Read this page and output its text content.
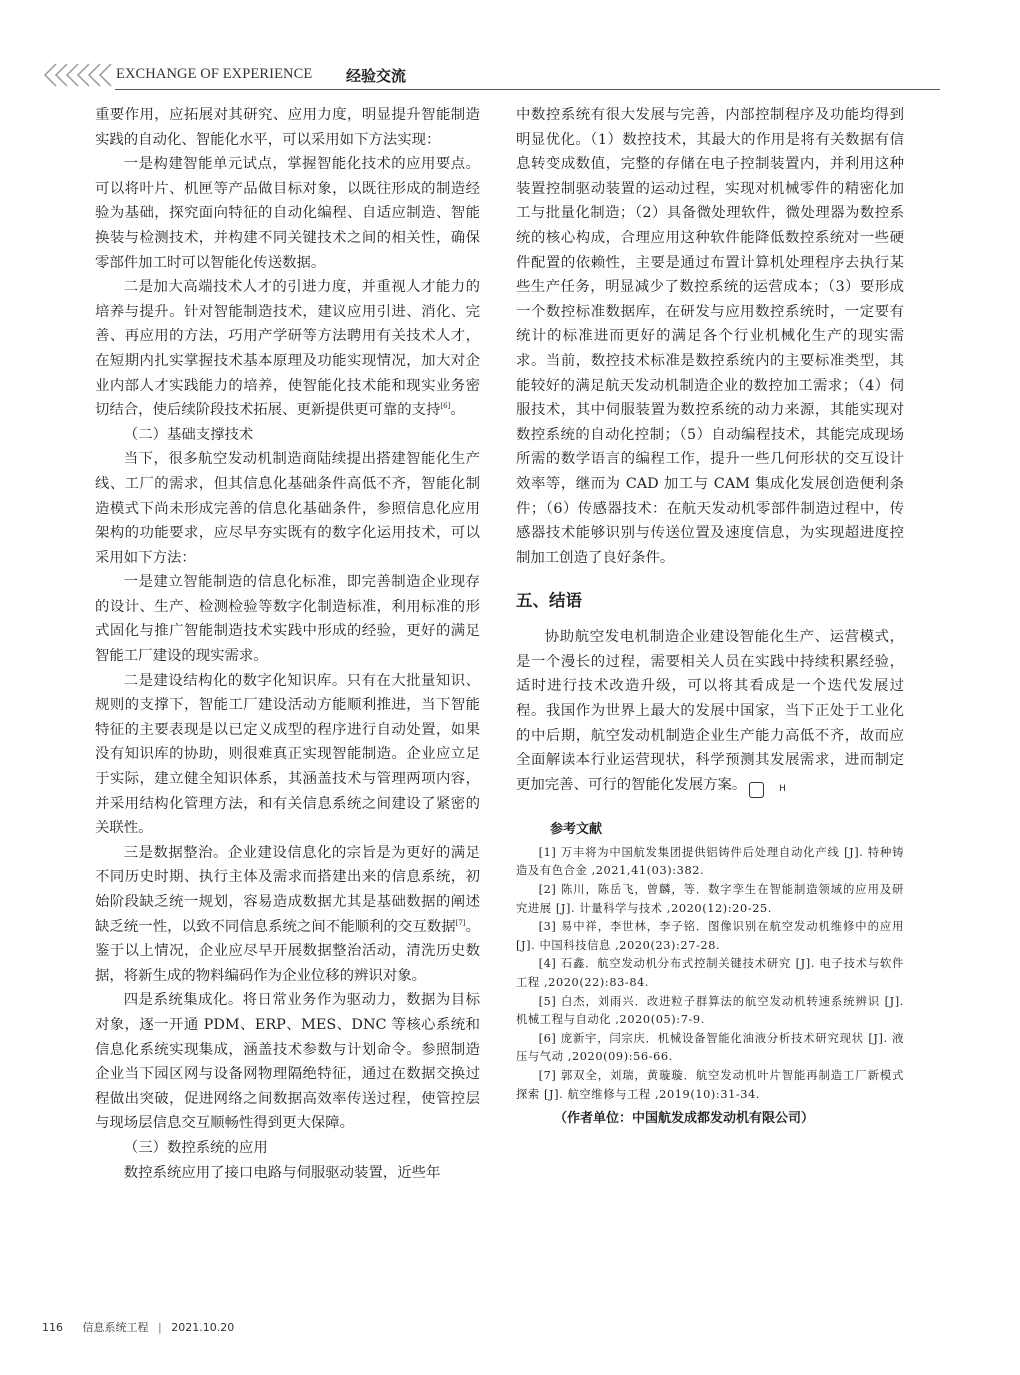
EXCHANGE OF EXPERIENCE 经验交流

重要作用，应拓展对其研究、应用力度，明显提升智能制造实践的自动化、智能化水平，可以采用如下方法实现：

一是构建智能单元试点，掌握智能化技术的应用要点。可以将叶片、机匣等产品做目标对象，以既往形成的制造经验为基础，探究面向特征的自动化编程、自适应制造、智能换装与检测技术，并构建不同关键技术之间的相关性，确保零部件加工时可以智能化传送数据。

二是加大高端技术人才的引进力度，并重视人才能力的培养与提升。针对智能制造技术，建议应用引进、消化、完善、再应用的方法，巧用产学研等方法聘用有关技术人才，在短期内扎实掌握技术基本原理及功能实现情况，加大对企业内部人才实践能力的培养，使智能化技术能和现实业务密切结合，使后续阶段技术拓展、更新提供更可靠的支持[6]。

（二）基础支撑技术

当下，很多航空发动机制造商陆续提出搭建智能化生产线、工厂的需求，但其信息化基础条件高低不齐，智能化制造模式下尚未形成完善的信息化基础条件，参照信息化应用架构的功能要求，应尽早夯实既有的数字化运用技术，可以采用如下方法：

一是建立智能制造的信息化标准，即完善制造企业现存的设计、生产、检测检验等数字化制造标准，利用标准的形式固化与推广智能制造技术实践中形成的经验，更好的满足智能工厂建设的现实需求。

二是建设结构化的数字化知识库。只有在大批量知识、规则的支撑下，智能工厂建设活动方能顺利推进，当下智能特征的主要表现是以已定义成型的程序进行自动处置，如果没有知识库的协助，则很难真正实现智能制造。企业应立足于实际，建立健全知识体系，其涵盖技术与管理两项内容，并采用结构化管理方法，和有关信息系统之间建设了紧密的关联性。

三是数据整治。企业建设信息化的宗旨是为更好的满足不同历史时期、执行主体及需求而搭建出来的信息系统，初始阶段缺乏统一规划，容易造成数据尤其是基础数据的阐述缺乏统一性，以致不同信息系统之间不能顺利的交互数据[7]。鉴于以上情况，企业应尽早开展数据整治活动，清洗历史数据，将新生成的物料编码作为企业位移的辨识对象。

四是系统集成化。将日常业务作为驱动力，数据为目标对象，逐一开通 PDM、ERP、MES、DNC 等核心系统和信息化系统实现集成，涵盖技术参数与计划命令。参照制造企业当下园区网与设备网物理隔绝特征，通过在数据交换过程做出突破，促进网络之间数据高效率传送过程，使管控层与现场层信息交互顺畅性得到更大保障。

（三）数控系统的应用

数控系统应用了接口电路与伺服驱动装置，近些年

中数控系统有很大发展与完善，内部控制程序及功能均得到明显优化。（1）数控技术，其最大的作用是将有关数据有信息转变成数值，完整的存储在电子控制装置内，并利用这种装置控制驱动装置的运动过程，实现对机械零件的精密化加工与批量化制造；（2）具备微处理软件，微处理器为数控系统的核心构成，合理应用这种软件能降低数控系统对一些硬件配置的依赖性，主要是通过布置计算机处理程序去执行某些生产任务，明显减少了数控系统的运营成本；（3）要形成一个数控标准数据库，在研发与应用数控系统时，一定要有统计的标准进而更好的满足各个行业机械化生产的现实需求。当前，数控技术标准是数控系统内的主要标准类型，其能较好的满足航天发动机制造企业的数控加工需求；（4）伺服技术，其中伺服装置为数控系统的动力来源，其能实现对数控系统的自动化控制；（5）自动编程技术，其能完成现场所需的数学语言的编程工作，提升一些几何形状的交互设计效率等，继而为 CAD 加工与 CAM 集成化发展创造便利条件；（6）传感器技术：在航天发动机零部件制造过程中，传感器技术能够识别与传送位置及速度信息，为实现超进度控制加工创造了良好条件。

五、结语

协助航空发电机制造企业建设智能化生产、运营模式，是一个漫长的过程，需要相关人员在实践中持续积累经验，适时进行技术改造升级，可以将其看成是一个迭代发展过程。我国作为世界上最大的发展中国家，当下正处于工业化的中后期，航空发动机制造企业生产能力高低不齐，故而应全面解读本行业运营现状，科学预测其发展需求，进而制定更加完善、可行的智能化发展方案。	H

参考文献

[1] 万丰将为中国航发集团提供铝铸件后处理自动化产线 [J]. 特种铸造及有色合金 ,2021,41(03):382.

[2] 陈川，陈岳飞，曾麟，等．数字孪生在智能制造领域的应用及研究进展 [J]. 计量科学与技术 ,2020(12):20-25.

[3] 易中祥，李世林，李子铭．图像识别在航空发动机维修中的应用 [J]. 中国科技信息 ,2020(23):27-28.

[4] 石鑫．航空发动机分布式控制关键技术研究 [J]. 电子技术与软件工程 ,2020(22):83-84.

[5] 白杰，刘雨兴．改进粒子群算法的航空发动机转速系统辨识 [J]. 机械工程与自动化 ,2020(05):7-9.

[6] 庞新宇，闫宗庆．机械设备智能化油液分析技术研究现状 [J]. 液压与气动 ,2020(09):56-66.

[7] 郭双全，刘瑞，黄璇璇．航空发动机叶片智能再制造工厂新模式探索 [J]. 航空维修与工程 ,2019(10):31-34.

（作者单位：中国航发成都发动机有限公司）
116 信息系统工程 | 2021.10.20
